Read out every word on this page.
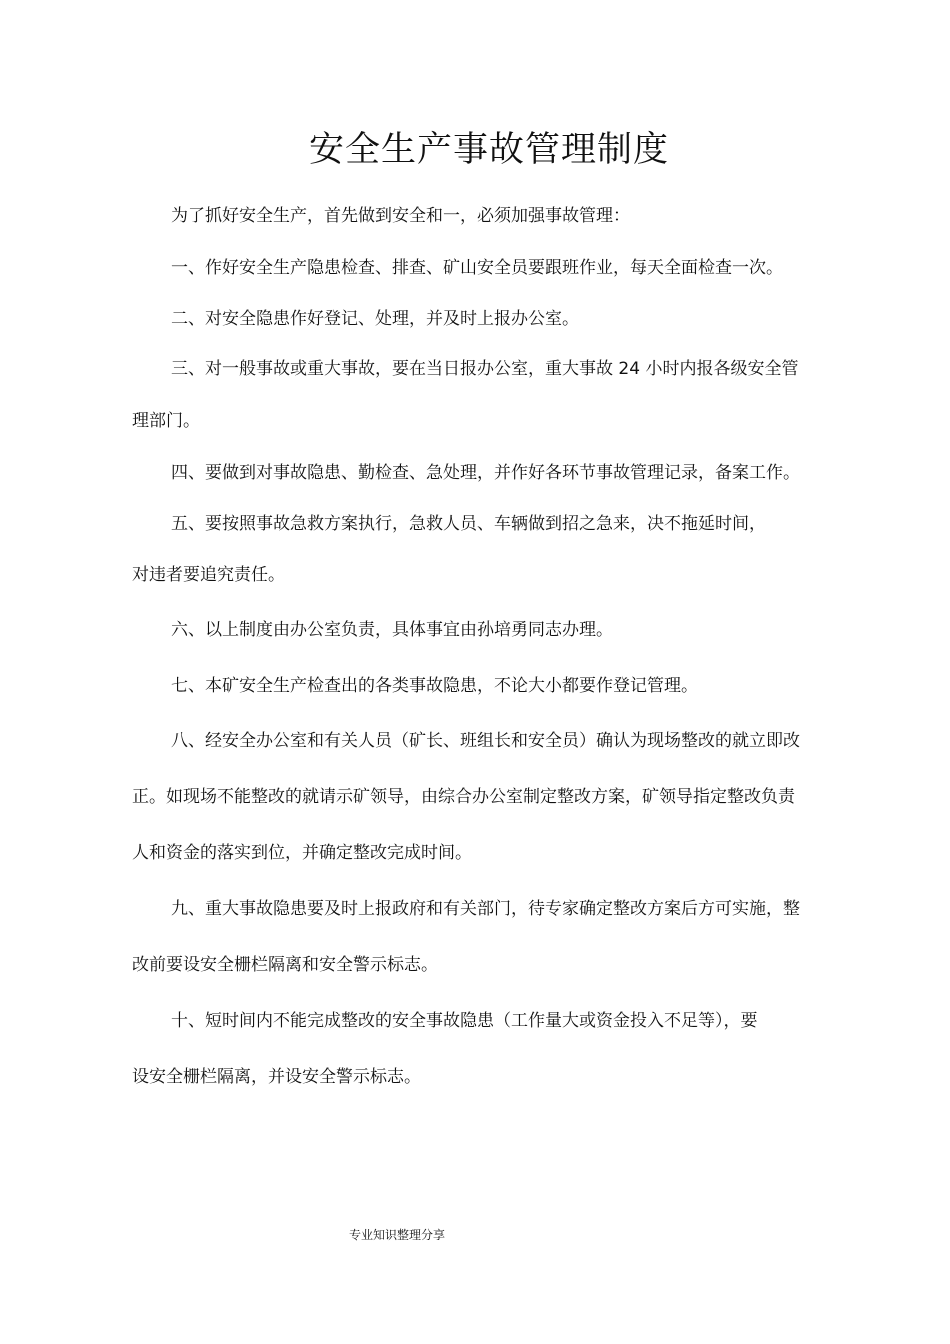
安全生产事故管理制度
为了抓好安全生产，首先做到安全和一，必须加强事故管理：
一、作好安全生产隐患检查、排查、矿山安全员要跟班作业，每天全面检查一次。
二、对安全隐患作好登记、处理，并及时上报办公室。
三、对一般事故或重大事故，要在当日报办公室，重大事故 24 小时内报各级安全管
理部门。
四、要做到对事故隐患、勤检查、急处理，并作好各环节事故管理记录，备案工作。
五、要按照事故急救方案执行，急救人员、车辆做到招之急来，决不拖延时间，
对违者要追究责任。
六、以上制度由办公室负责，具体事宜由孙培勇同志办理。
七、本矿安全生产检查出的各类事故隐患，不论大小都要作登记管理。
八、经安全办公室和有关人员（矿长、班组长和安全员）确认为现场整改的就立即改
正。如现场不能整改的就请示矿领导，由综合办公室制定整改方案，矿领导指定整改负责
人和资金的落实到位，并确定整改完成时间。
九、重大事故隐患要及时上报政府和有关部门，待专家确定整改方案后方可实施，整
改前要设安全栅栏隔离和安全警示标志。
十、短时间内不能完成整改的安全事故隐患（工作量大或资金投入不足等），要
设安全栅栏隔离，并设安全警示标志。
专业知识整理分享
